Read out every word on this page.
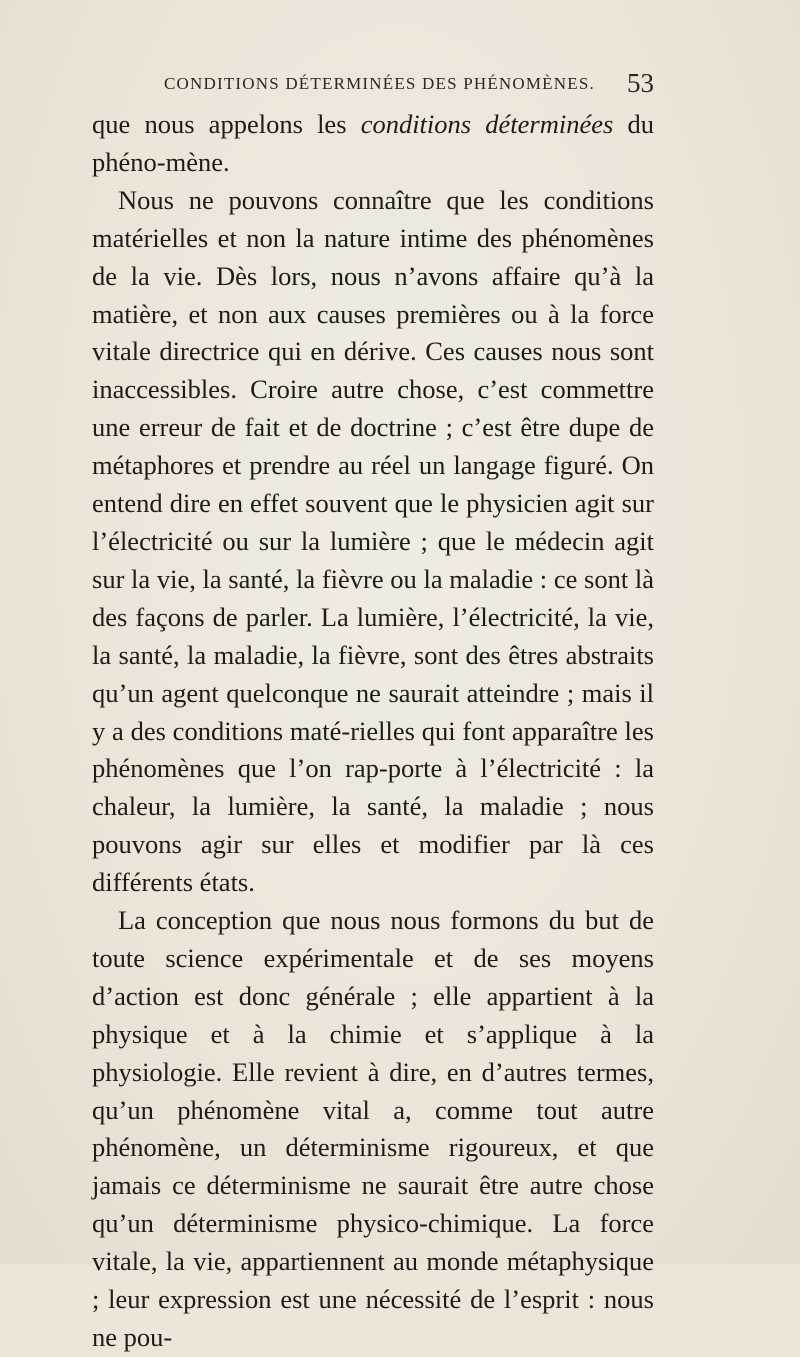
CONDITIONS DÉTERMINÉES DES PHÉNOMÈNES. 53

que nous appelons les conditions déterminées du phéno-mène.

Nous ne pouvons connaître que les conditions matérielles et non la nature intime des phénomènes de la vie. Dès lors, nous n’avons affaire qu’à la matière, et non aux causes premières ou à la force vitale directrice qui en dérive. Ces causes nous sont inaccessibles. Croire autre chose, c’est commettre une erreur de fait et de doctrine ; c’est être dupe de métaphores et prendre au réel un langage figuré. On entend dire en effet souvent que le physicien agit sur l’électricité ou sur la lumière ; que le médecin agit sur la vie, la santé, la fièvre ou la maladie : ce sont là des façons de parler. La lumière, l’électricité, la vie, la santé, la maladie, la fièvre, sont des êtres abstraits qu’un agent quelconque ne saurait atteindre ; mais il y a des conditions maté-rielles qui font apparaître les phénomènes que l’on rap-porte à l’électricité : la chaleur, la lumière, la santé, la maladie ; nous pouvons agir sur elles et modifier par là ces différents états.

La conception que nous nous formons du but de toute science expérimentale et de ses moyens d’action est donc générale ; elle appartient à la physique et à la chimie et s’applique à la physiologie. Elle revient à dire, en d’autres termes, qu’un phénomène vital a, comme tout autre phénomène, un déterminisme rigoureux, et que jamais ce déterminisme ne saurait être autre chose qu’un déterminisme physico-chimique. La force vitale, la vie, appartiennent au monde métaphysique ; leur expression est une nécessité de l’esprit : nous ne pou-
